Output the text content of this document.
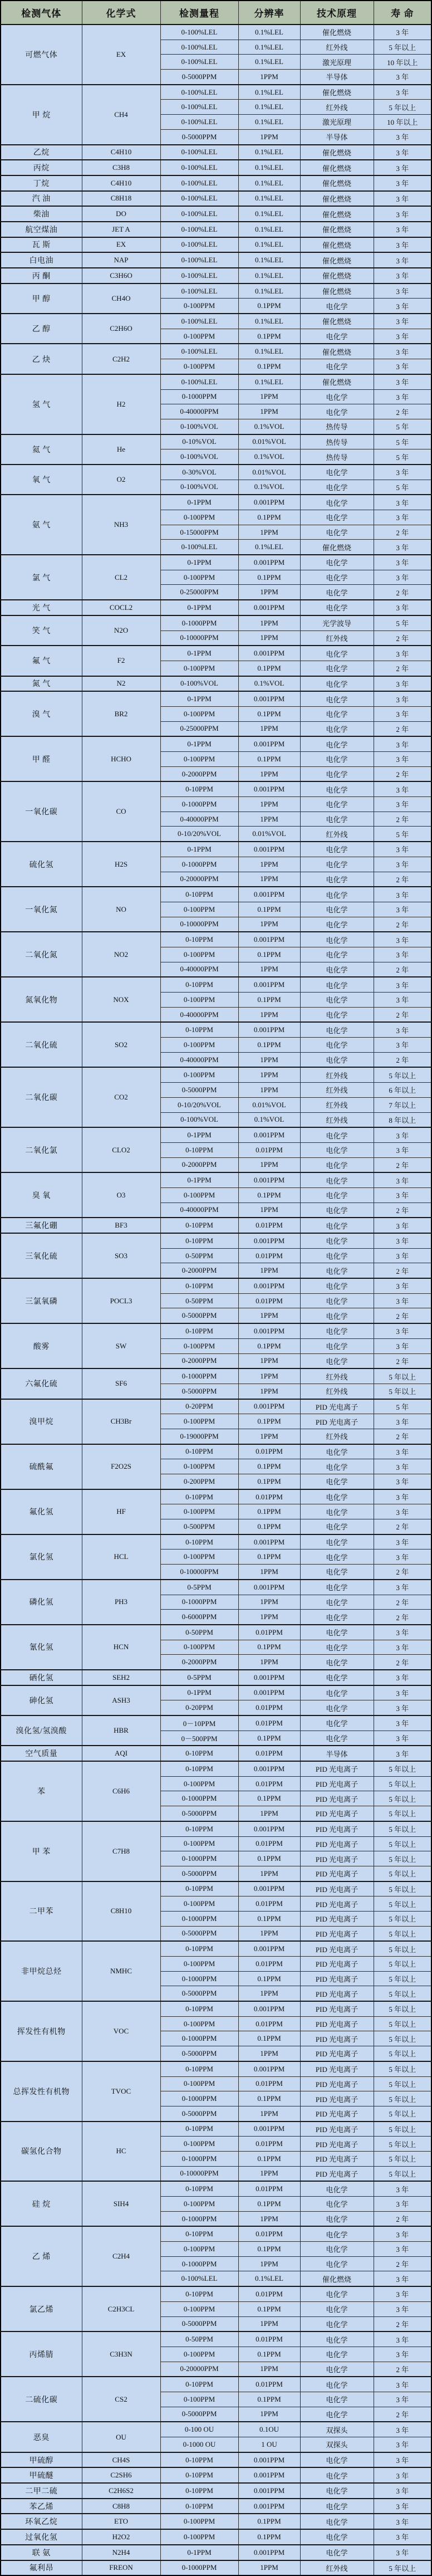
检测气体	化学式	检测量程	分辨率	技术原理	寿 命
可燃气体	EX	0-100%LEL	0.1%LEL	催化燃烧	3 年
		0-100%LEL	0.1%LEL	红外线	5 年以上
		0-100%LEL	0.1%LEL	激光原理	10 年以上
		0-5000PPM	1PPM	半导体	3 年
甲 烷	CH4	0-100%LEL	0.1%LEL	催化燃烧	3 年
		0-100%LEL	0.1%LEL	红外线	5 年以上
		0-100%LEL	0.1%LEL	激光原理	10 年以上
		0-5000PPM	1PPM	半导体	3 年
乙烷	C4H10	0-100%LEL	0.1%LEL	催化燃烧	3 年
丙烷	C3H8	0-100%LEL	0.1%LEL	催化燃烧	3 年
丁烷	C4H10	0-100%LEL	0.1%LEL	催化燃烧	3 年
汽 油	C8H18	0-100%LEL	0.1%LEL	催化燃烧	3 年
柴油	DO	0-100%LEL	0.1%LEL	催化燃烧	3 年
航空煤油	JET A	0-100%LEL	0.1%LEL	催化燃烧	3 年
瓦 斯	EX	0-100%LEL	0.1%LEL	催化燃烧	3 年
白电油	NAP	0-100%LEL	0.1%LEL	催化燃烧	3 年
丙 酮	C3H6O	0-100%LEL	0.1%LEL	催化燃烧	3 年
甲 醇	CH4O	0-100%LEL	0.1%LEL	催化燃烧	3 年
		0-100PPM	0.1PPM	电化学	3 年
乙 醇	C2H6O	0-100%LEL	0.1%LEL	催化燃烧	3 年
		0-100PPM	0.1PPM	电化学	3 年
乙 炔	C2H2	0-100%LEL	0.1%LEL	催化燃烧	3 年
		0-100PPM	0.1PPM	电化学	3 年
氢 气	H2	0-100%LEL	0.1%LEL	催化燃烧	3 年
		0-1000PPM	1PPM	电化学	3 年
		0-40000PPM	1PPM	电化学	2 年
		0-100%VOL	0.1%VOL	热传导	5 年
氦 气	He	0-10%VOL	0.01%VOL	热传导	5 年
		0-100%VOL	0.1%VOL	热传导	5 年
氧 气	O2	0-30%VOL	0.01%VOL	电化学	3 年
		0-100%VOL	0.1%VOL	电化学	5 年
氨 气	NH3	0-1PPM	0.001PPM	电化学	3 年
		0-100PPM	0.1PPM	电化学	3 年
		0-15000PPM	1PPM	电化学	2 年
		0-100%LEL	0.1%LEL	催化燃烧	3 年
氯 气	CL2	0-1PPM	0.001PPM	电化学	3 年
		0-100PPM	0.1PPM	电化学	3 年
		0-25000PPM	1PPM	电化学	2 年
光 气	COCL2	0-1PPM	0.001PPM	电化学	3 年
笑 气	N2O	0-1000PPM	1PPM	光学波导	5 年
		0-10000PPM	1PPM	红外线	2 年
氟 气	F2	0-1PPM	0.001PPM	电化学	3 年
		0-100PPM	0.1PPM	电化学	2 年
氮 气	N2	0-100%VOL	0.1%VOL	电化学	3 年
溴 气	BR2	0-1PPM	0.001PPM	电化学	3 年
		0-100PPM	0.1PPM	电化学	3 年
		0-25000PPM	1PPM	电化学	2 年
甲 醛	HCHO	0-1PPM	0.001PPM	电化学	3 年
		0-100PPM	0.1PPM	电化学	3 年
		0-2000PPM	1PPM	电化学	2 年
一氧化碳	CO	0-10PPM	0.001PPM	电化学	3 年
		0-1000PPM	1PPM	电化学	3 年
		0-40000PPM	1PPM	电化学	2 年
		0-10/20%VOL	0.01%VOL	红外线	5 年
硫化氢	H2S	0-1PPM	0.001PPM	电化学	3 年
		0-1000PPM	1PPM	电化学	3 年
		0-20000PPM	1PPM	电化学	2 年
一氧化氮	NO	0-10PPM	0.001PPM	电化学	3 年
		0-100PPM	0.1PPM	电化学	3 年
		0-10000PPM	1PPM	电化学	2 年
二氧化氮	NO2	0-10PPM	0.001PPM	电化学	3 年
		0-100PPM	0.1PPM	电化学	3 年
		0-40000PPM	1PPM	电化学	2 年
氮氧化物	NOX	0-10PPM	0.001PPM	电化学	3 年
		0-100PPM	0.1PPM	电化学	3 年
		0-40000PPM	1PPM	电化学	2 年
二氧化硫	SO2	0-10PPM	0.001PPM	电化学	3 年
		0-100PPM	0.1PPM	电化学	3 年
		0-40000PPM	1PPM	电化学	2 年
二氧化碳	CO2	0-100PPM	1PPM	红外线	5 年以上
		0-5000PPM	1PPM	红外线	6 年以上
		0-10/20%VOL	0.01%VOL	红外线	7 年以上
		0-100%VOL	0.1%VOL	红外线	8 年以上
二氧化氯	CLO2	0-1PPM	0.001PPM	电化学	3 年
		0-10PPM	0.01PPM	电化学	3 年
		0-2000PPM	1PPM	电化学	2 年
臭 氧	O3	0-1PPM	0.001PPM	电化学	3 年
		0-100PPM	0.1PPM	电化学	3 年
		0-40000PPM	1PPM	电化学	2 年
三氟化硼	BF3	0-10PPM	0.01PPM	电化学	3 年
三氧化硫	SO3	0-10PPM	0.001PPM	电化学	3 年
		0-50PPM	0.01PPM	电化学	3 年
		0-2000PPM	1PPM	电化学	2 年
三氯氧磷	POCL3	0-10PPM	0.001PPM	电化学	3 年
		0-50PPM	0.01PPM	电化学	3 年
		0-5000PPM	1PPM	电化学	2 年
酸雾	SW	0-10PPM	0.001PPM	电化学	3 年
		0-100PPM	0.1PPM	电化学	3 年
		0-2000PPM	1PPM	电化学	2 年
六氟化硫	SF6	0-1000PPM	1PPM	红外线	5 年以上
		0-5000PPM	1PPM	红外线	5 年以上
溴甲烷	CH3Br	0-20PPM	0.001PPM	PID 光电离子	5 年
		0-100PPM	0.1PPM	PID 光电离子	3 年
		0-19000PPM	1PPM	红外线	2 年
硫酰氟	F2O2S	0-10PPM	0.01PPM	电化学	3 年
		0-100PPM	0.1PPM	电化学	3 年
		0-200PPM	0.1PPM	电化学	3 年
氟化氢	HF	0-10PPM	0.01PPM	电化学	3 年
		0-100PPM	0.1PPM	电化学	3 年
		0-500PPM	0.1PPM	电化学	2 年
氯化氢	HCL	0-10PPM	0.001PPM	电化学	3 年
		0-100PPM	0.1PPM	电化学	3 年
		0-10000PPM	1PPM	电化学	2 年
磷化氢	PH3	0-5PPM	0.001PPM	电化学	3 年
		0-1000PPM	1PPM	电化学	2 年
		0-6000PPM	1PPM	电化学	2 年
氰化氢	HCN	0-50PPM	0.01PPM	电化学	3 年
		0-100PPM	0.1PPM	电化学	3 年
		0-2000PPM	1PPM	电化学	2 年
硒化氢	SEH2	0-5PPM	0.001PPM	电化学	3 年
砷化氢	ASH3	0-1PPM	0.001PPM	电化学	3 年
		0-20PPM	0.01PPM	电化学	3 年
溴化氢/氢溴酸	HBR	0－10PPM	0.01PPM	电化学	3 年
		0－500PPM	0.1PPM	电化学	3 年
空气质量	AQI	0-10PPM	0.01PPM	半导体	3 年
苯	C6H6	0-10PPM	0.001PPM	PID 光电离子	5 年以上
		0-100PPM	0.01PPM	PID 光电离子	5 年以上
		0-1000PPM	0.1PPM	PID 光电离子	5 年以上
		0-5000PPM	1PPM	PID 光电离子	5 年以上
甲 苯	C7H8	0-10PPM	0.001PPM	PID 光电离子	5 年以上
		0-100PPM	0.01PPM	PID 光电离子	5 年以上
		0-1000PPM	0.1PPM	PID 光电离子	5 年以上
		0-5000PPM	1PPM	PID 光电离子	5 年以上
二甲苯	C8H10	0-10PPM	0.001PPM	PID 光电离子	5 年以上
		0-100PPM	0.01PPM	PID 光电离子	5 年以上
		0-1000PPM	0.1PPM	PID 光电离子	5 年以上
		0-5000PPM	1PPM	PID 光电离子	5 年以上
非甲烷总烃	NMHC	0-10PPM	0.001PPM	PID 光电离子	5 年以上
		0-100PPM	0.01PPM	PID 光电离子	5 年以上
		0-1000PPM	0.1PPM	PID 光电离子	5 年以上
		0-5000PPM	1PPM	PID 光电离子	5 年以上
挥发性有机物	VOC	0-10PPM	0.001PPM	PID 光电离子	5 年以上
		0-100PPM	0.01PPM	PID 光电离子	5 年以上
		0-1000PPM	0.1PPM	PID 光电离子	5 年以上
		0-5000PPM	1PPM	PID 光电离子	5 年以上
总挥发性有机物	TVOC	0-10PPM	0.001PPM	PID 光电离子	5 年以上
		0-100PPM	0.01PPM	PID 光电离子	5 年以上
		0-1000PPM	0.1PPM	PID 光电离子	5 年以上
		0-5000PPM	1PPM	PID 光电离子	5 年以上
碳氢化合物	HC	0-10PPM	0.001PPM	PID 光电离子	5 年以上
		0-100PPM	0.01PPM	PID 光电离子	5 年以上
		0-1000PPM	0.1PPM	PID 光电离子	5 年以上
		0-10000PPM	1PPM	PID 光电离子	5 年以上
硅 烷	SIH4	0-10PPM	0.01PPM	电化学	3 年
		0-100PPM	0.1PPM	电化学	3 年
		0-1000PPM	1PPM	电化学	2 年
乙 烯	C2H4	0-10PPM	0.01PPM	电化学	3 年
		0-100PPM	0.1PPM	电化学	3 年
		0-1000PPM	1PPM	电化学	2 年
		0-100%LEL	0.1%LEL	催化燃烧	3 年
氯乙烯	C2H3CL	0-10PPM	0.01PPM	电化学	3 年
		0-100PPM	0.1PPM	电化学	3 年
		0-5000PPM	1PPM	电化学	2 年
丙烯腈	C3H3N	0-50PPM	0.01PPM	电化学	3 年
		0-100PPM	0.1PPM	电化学	3 年
		0-20000PPM	1PPM	电化学	2 年
二硫化碳	CS2	0-10PPM	0.01PPM	电化学	3 年
		0-100PPM	0.1PPM	电化学	3 年
		0-5000PPM	1PPM	电化学	2 年
恶臭	OU	0-100 OU	0.1OU	双探头	3 年
		0-1000 OU	1 OU	双探头	3 年
甲硫醇	CH4S	0-10PPM	0.001PPM	电化学	3 年
甲硫醚	C2SH6	0-10PPM	0.001PPM	电化学	3 年
二甲二硫	C2H6S2	0-10PPM	0.001PPM	电化学	3 年
苯乙烯	C8H8	0-10PPM	0.001PPM	电化学	3 年
环氧乙烷	ETO	0-100PPM	0.1PPM	电化学	3 年
过氧化氢	H2O2	0-100PPM	0.1PPM	电化学	3 年
联 氨	N2H4	0-1PPM	0.001PPM	电化学	3 年
氟利昂	FREON	0-1000PPM	1PPM	红外线	5 年以上
